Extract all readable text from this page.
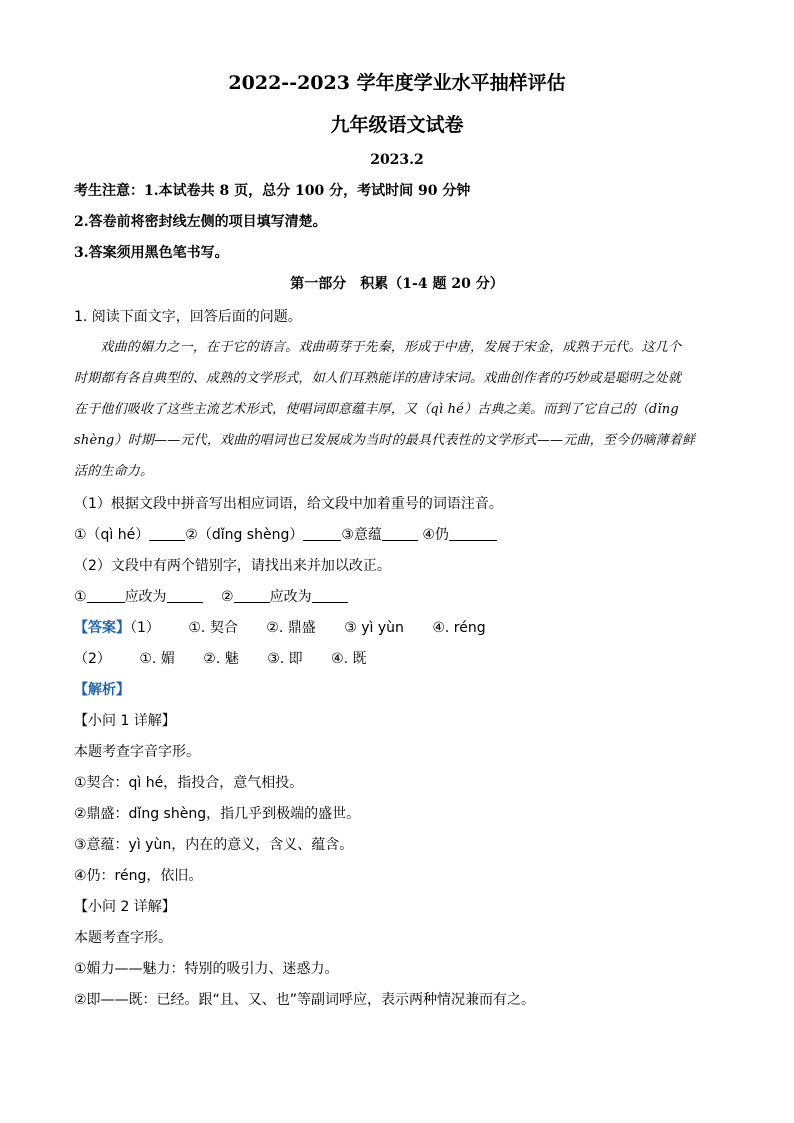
2022--2023 学年度学业水平抽样评估
九年级语文试卷
2023.2
考生注意：1.本试卷共 8 页，总分 100 分，考试时间 90 分钟
2.答卷前将密封线左侧的项目填写清楚。
3.答案须用黑色笔书写。
第一部分　积累（1-4 题 20 分）
1. 阅读下面文字，回答后面的问题。
　　戏曲的媚力之一，在于它的语言。戏曲萌芽于先秦，形成于中唐，发展于宋金，成熟于元代。这几个
时期都有各自典型的、成熟的文学形式，如人们耳熟能详的唐诗宋词。戏曲创作者的巧妙或是聪明之处就
在于他们吸收了这些主流艺术形式，使唱词即意蕴丰厚，又（qì hé）古典之美。而到了它自己的（dǐng
shèng）时期——元代，戏曲的唱词也已发展成为当时的最具代表性的文学形式——元曲，至今仍嘀薄着鲜
活的生命力。
（1）根据文段中拼音写出相应词语，给文段中加着重号的词语注音。
①（qì hé）	②（dǐng shèng）	③意蕴	④仍
（2）文段中有两个错别字，请找出来并加以改正。
①	应改为	②	应改为
【答案】（1） ①. 契合 ②. 鼎盛 ③ yì yùn ④. réng
（2） ①. 媚 ②. 魅 ③. 即 ④. 既
【解析】
【小问 1 详解】
本题考查字音字形。
①契合：qì hé，指投合，意气相投。
②鼎盛：dǐng shèng，指几乎到极端的盛世。
③意蕴：yì yùn，内在的意义，含义、蕴含。
④仍：réng，依旧。
【小问 2 详解】
本题考查字形。
①媚力——魅力：特别的吸引力、迷惑力。
②即——既：已经。跟“且、又、也”等副词呼应，表示两种情况兼而有之。
